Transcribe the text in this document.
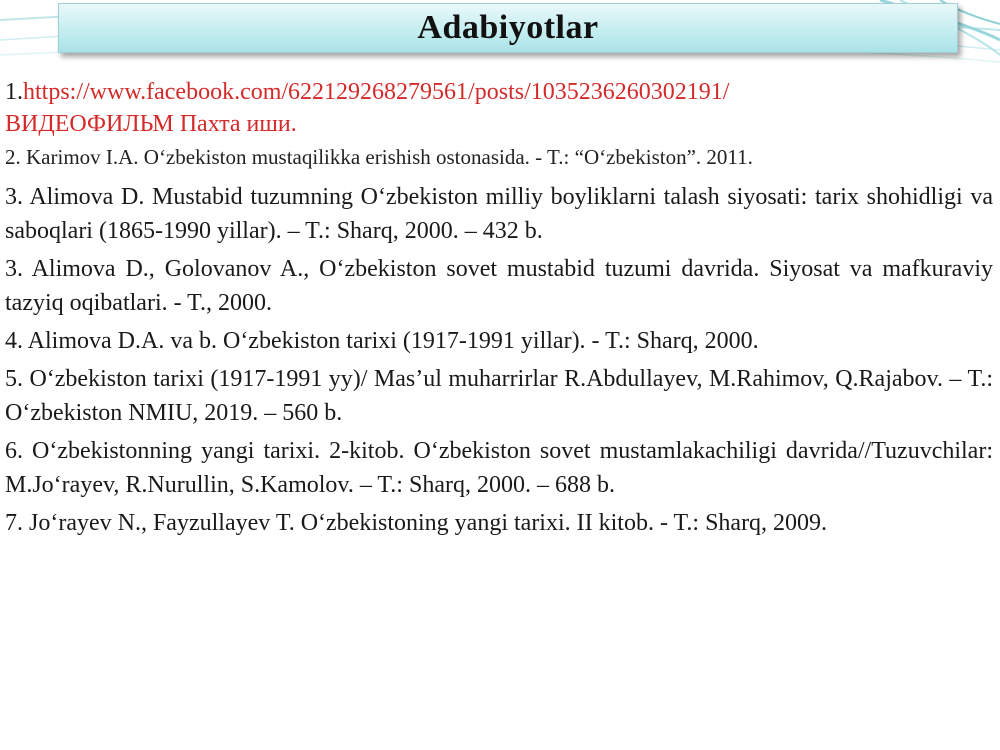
Adabiyotlar
1.https://www.facebook.com/622129268279561/posts/1035236260302191/
ВИДЕОФИЛЬМ Пахта иши.
2. Karimov I.A. O‘zbekiston mustaqilikka erishish ostonasida. - T.: “O‘zbekiston”. 2011.
3. Alimova D. Mustabid tuzumning O‘zbekiston milliy boyliklarni talash siyosati: tarix shohidligi va saboqlari (1865-1990 yillar). – T.: Sharq, 2000. – 432 b.
3. Alimova D., Golovanov A., O‘zbekiston sovet mustabid tuzumi davrida. Siyosat va mafkuraviy tazyiq oqibatlari. - T., 2000.
4. Alimova D.A. va b. O‘zbekiston tarixi (1917-1991 yillar). - T.: Sharq, 2000.
5. O‘zbekiston tarixi (1917-1991 yy)/ Mas’ul muharrirlar R.Abdullayev, M.Rahimov, Q.Rajabov. – T.: O‘zbekiston NMIU, 2019. – 560 b.
6. O‘zbekistonning yangi tarixi. 2-kitob. O‘zbekiston sovet mustamlakachiligi davrida//Tuzuvchilar: M.Jo‘rayev, R.Nurullin, S.Kamolov. – T.: Sharq, 2000. – 688 b.
7. Jo‘rayev N., Fayzullayev T. O‘zbekistoning yangi tarixi. II kitob. - T.: Sharq, 2009.
